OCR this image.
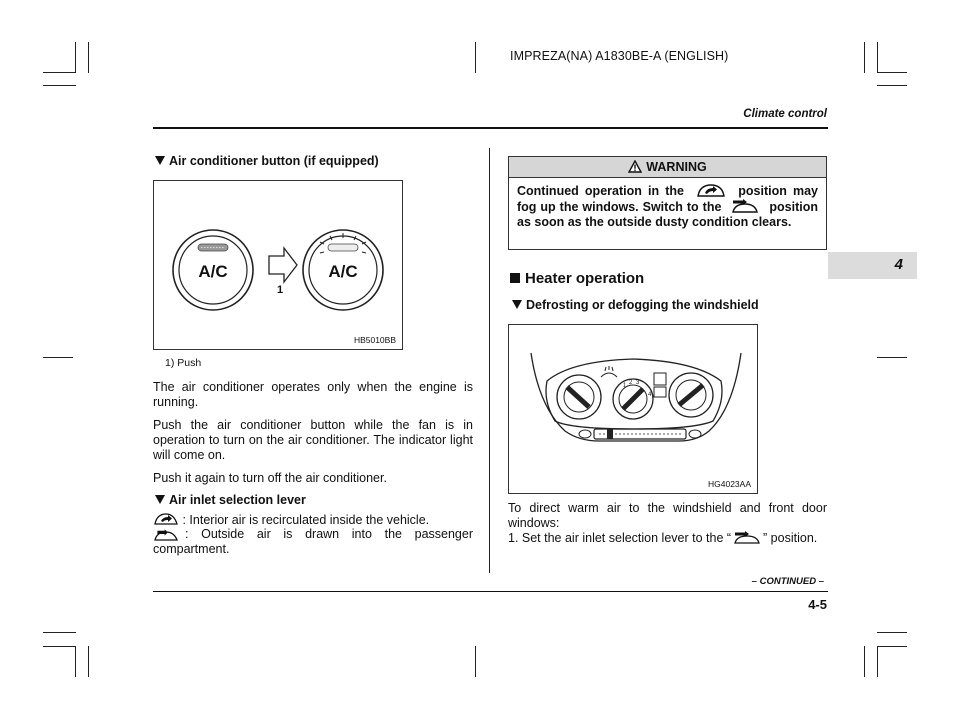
IMPREZA(NA) A1830BE-A (ENGLISH)
Climate control
4
Air conditioner button (if equipped)
A/C
1
A/C
HB5010BB
1) Push
The air conditioner operates only when the engine is running.
Push the air conditioner button while the fan is in operation to turn on the air conditioner. The indicator light will come on.
Push it again to turn off the air conditioner.
Air inlet selection lever
: Interior air is recirculated inside the vehicle.
: Outside air is drawn into the passenger compartment.
WARNING
Continued operation in the	position may fog up the windows. Switch to the	position as soon as the outside dusty condition clears.
Heater operation
Defrosting or defogging the windshield
1 2 3
4
HG4023AA
To direct warm air to the windshield and front door windows:
1. Set the air inlet selection lever to the “	” position.
– CONTINUED –
4-5
